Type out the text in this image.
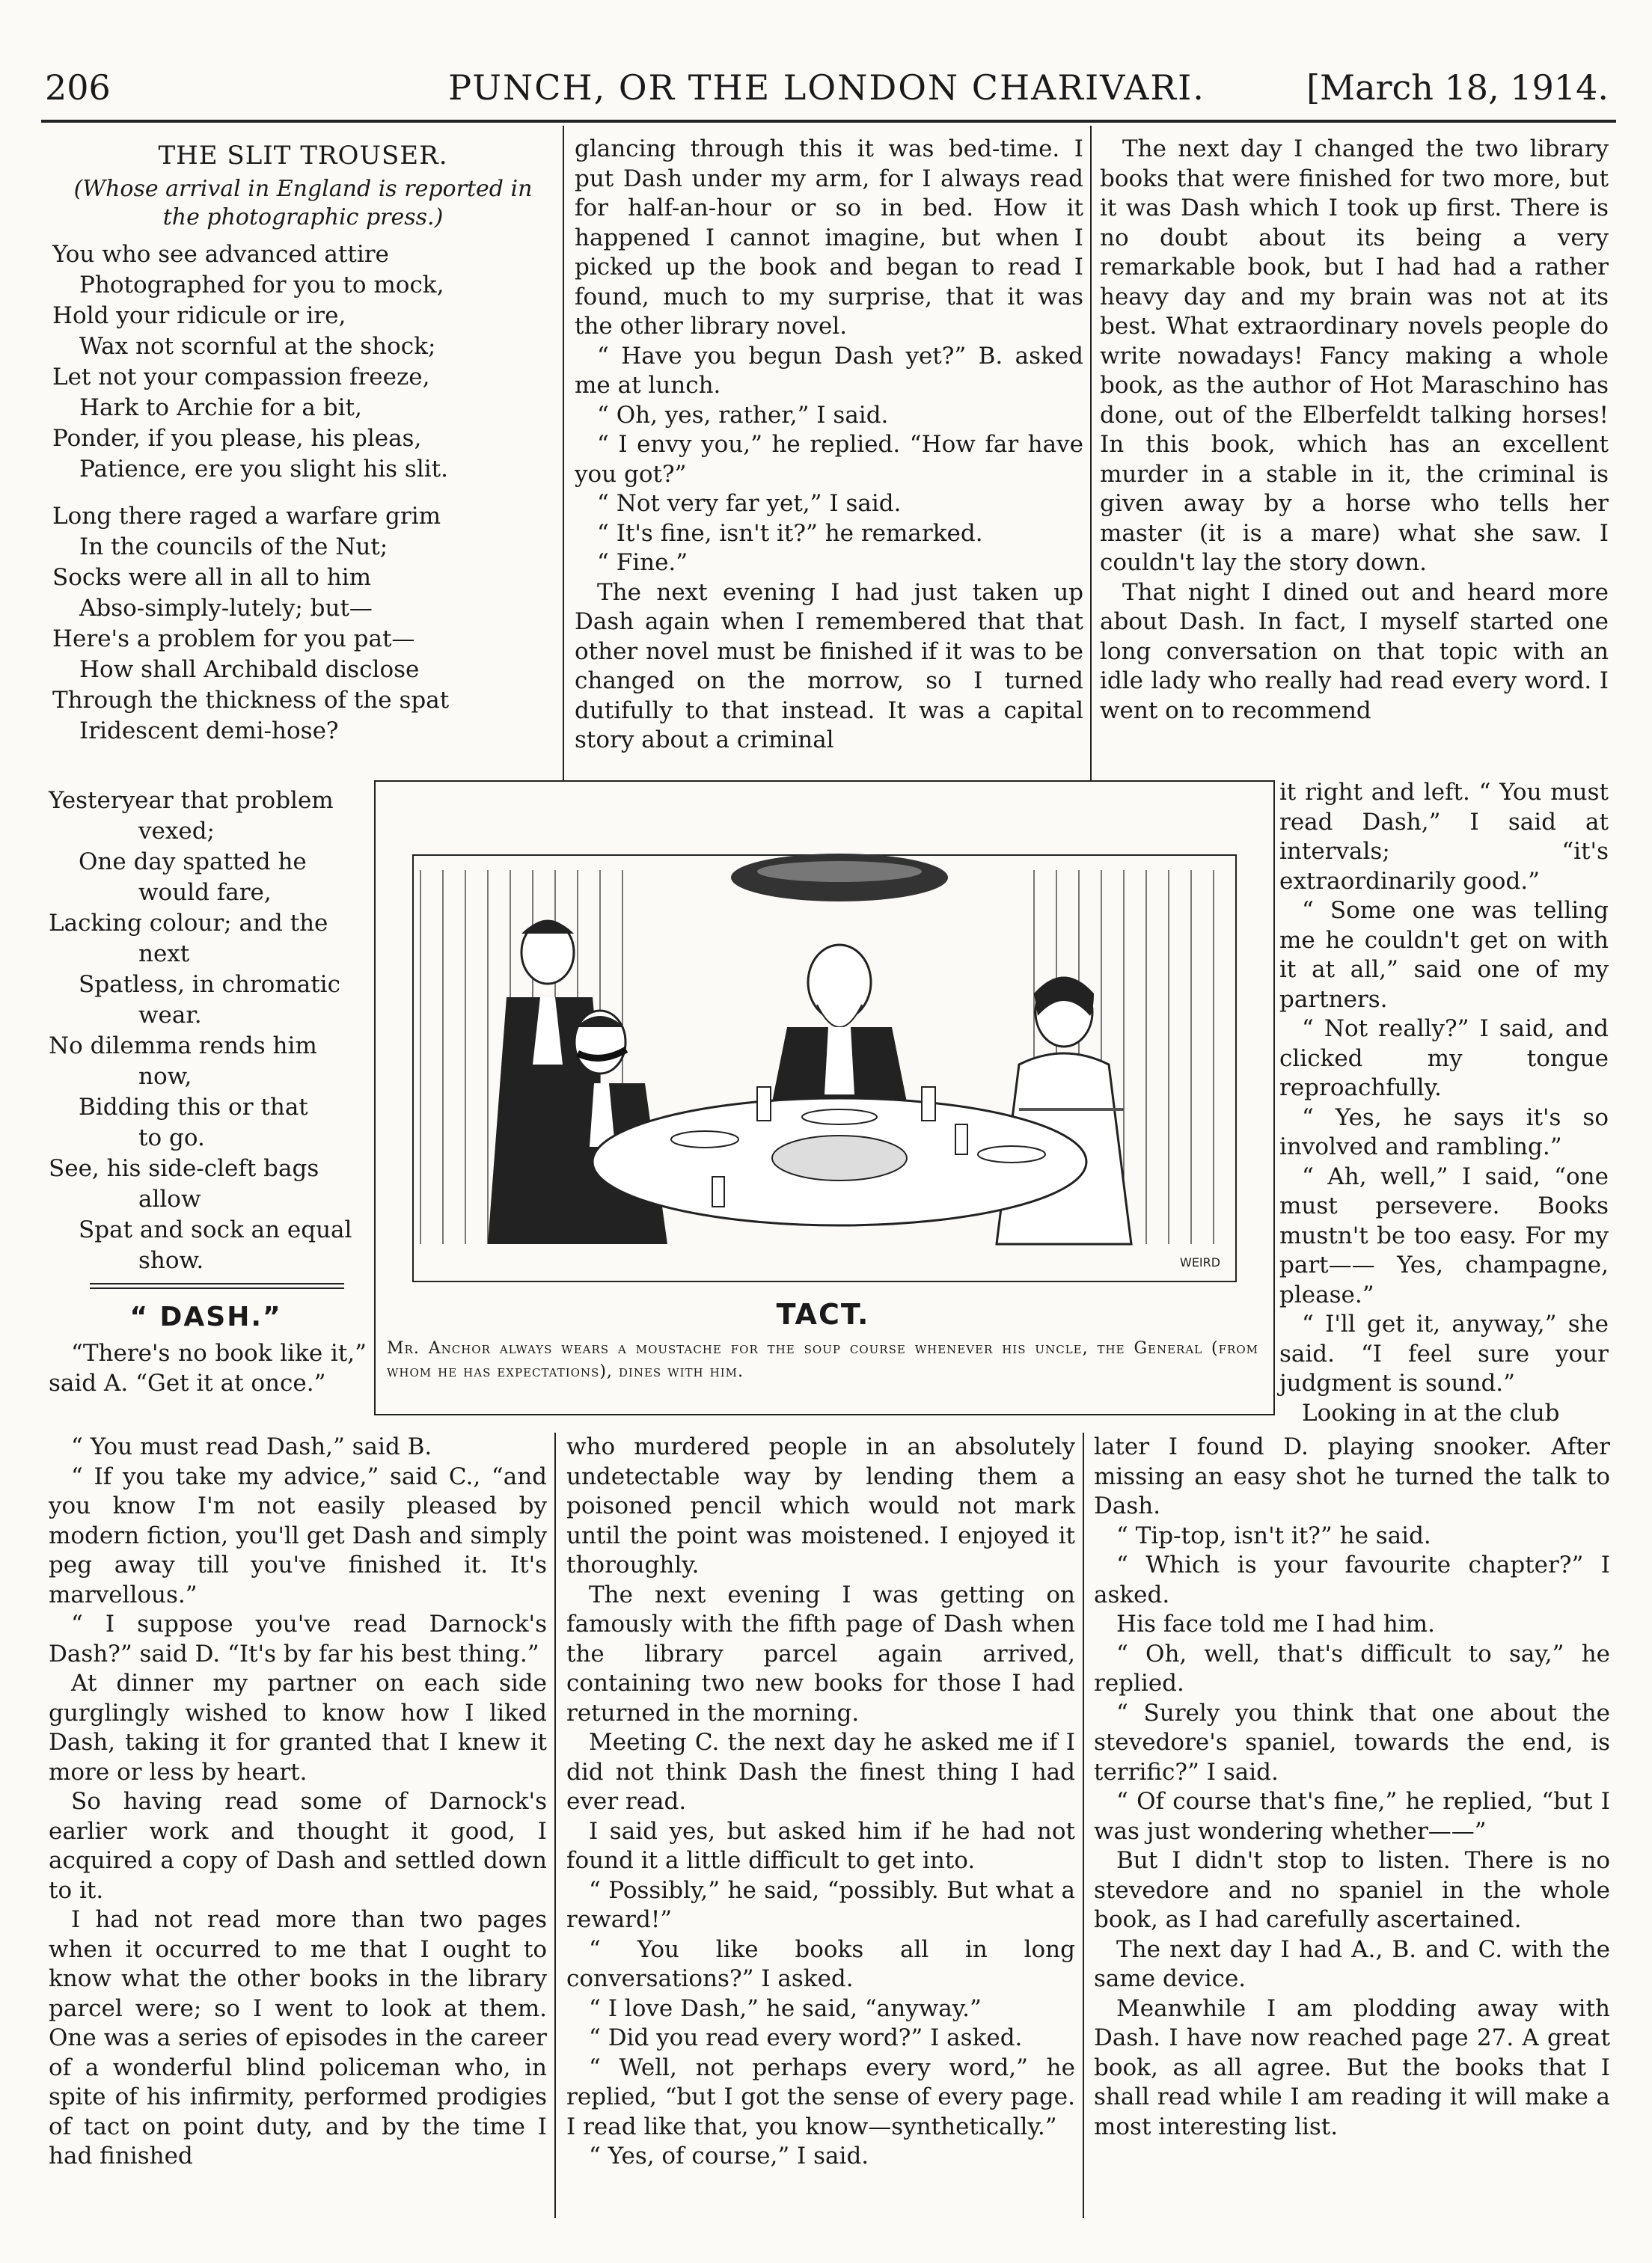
206	PUNCH, OR THE LONDON CHARIVARI.	[March 18, 1914.
THE SLIT TROUSER.
(Whose arrival in England is reported in the photographic press.)
You who see advanced attire
Photographed for you to mock,
Hold your ridicule or ire,
Wax not scornful at the shock;
Let not your compassion freeze,
Hark to Archie for a bit,
Ponder, if you please, his pleas,
Patience, ere you slight his slit.
Long there raged a warfare grim
In the councils of the Nut;
Socks were all in all to him
Abso-simply-lutely; but—
Here's a problem for you pat—
How shall Archibald disclose
Through the thickness of the spat
Iridescent demi-hose?
Yesteryear that problem
vexed;
One day spatted he
would fare,
Lacking colour; and the
next
Spatless, in chromatic
wear.
No dilemma rends him
now,
Bidding this or that
to go.
See, his side-cleft bags
allow
Spat and sock an equal
show.
“ DASH.”

“There's no book like it,” said A. “Get it at once.”

“ You must read Dash,” said B.

“ If you take my advice,” said C., “and you know I'm not easily pleased by modern fiction, you'll get Dash and simply peg away till you've finished it. It's marvellous.”

“ I suppose you've read Darnock's Dash?” said D. “It's by far his best thing.”

At dinner my partner on each side gurglingly wished to know how I liked Dash, taking it for granted that I knew it more or less by heart.

So having read some of Darnock's earlier work and thought it good, I acquired a copy of Dash and settled down to it.

I had not read more than two pages when it occurred to me that I ought to know what the other books in the library parcel were; so I went to look at them. One was a series of episodes in the career of a wonderful blind policeman who, in spite of his infirmity, performed prodigies of tact on point duty, and by the time I had finished

glancing through this it was bed-time. I put Dash under my arm, for I always read for half-an-hour or so in bed. How it happened I cannot imagine, but when I picked up the book and began to read I found, much to my surprise, that it was the other library novel.

“ Have you begun Dash yet?” B. asked me at lunch.

“ Oh, yes, rather,” I said.

“ I envy you,” he replied. “How far have you got?”

“ Not very far yet,” I said.

“ It's fine, isn't it?” he remarked.

“ Fine.”

The next evening I had just taken up Dash again when I remembered that that other novel must be finished if it was to be changed on the morrow, so I turned dutifully to that instead. It was a capital story about a criminal

The next day I changed the two library books that were finished for two more, but it was Dash which I took up first. There is no doubt about its being a very remarkable book, but I had had a rather heavy day and my brain was not at its best. What extraordinary novels people do write nowadays! Fancy making a whole book, as the author of Hot Maraschino has done, out of the Elberfeldt talking horses! In this book, which has an excellent murder in a stable in it, the criminal is given away by a horse who tells her master (it is a mare) what she saw. I couldn't lay the story down.

That night I dined out and heard more about Dash. In fact, I myself started one long conversation on that topic with an idle lady who really had read every word. I went on to recommend

it right and left. “ You must read Dash,” I said at intervals; “it's extraordinarily good.”

“ Some one was telling me he couldn't get on with it at all,” said one of my partners.

“ Not really?” I said, and clicked my tongue reproachfully.

“ Yes, he says it's so involved and rambling.”

“ Ah, well,” I said, “one must persevere. Books mustn't be too easy. For my part—— Yes, champagne, please.”

“ I'll get it, anyway,” she said. “I feel sure your judgment is sound.”

Looking in at the club

who murdered people in an absolutely undetectable way by lending them a poisoned pencil which would not mark until the point was moistened. I enjoyed it thoroughly.

The next evening I was getting on famously with the fifth page of Dash when the library parcel again arrived, containing two new books for those I had returned in the morning.

Meeting C. the next day he asked me if I did not think Dash the finest thing I had ever read.

I said yes, but asked him if he had not found it a little difficult to get into.

“ Possibly,” he said, “possibly. But what a reward!”

“ You like books all in long conversations?” I asked.

“ I love Dash,” he said, “anyway.”

“ Did you read every word?” I asked.

“ Well, not perhaps every word,” he replied, “but I got the sense of every page. I read like that, you know—synthetically.”

“ Yes, of course,” I said.

later I found D. playing snooker. After missing an easy shot he turned the talk to Dash.

“ Tip-top, isn't it?” he said.

“ Which is your favourite chapter?” I asked.

His face told me I had him.

“ Oh, well, that's difficult to say,” he replied.

“ Surely you think that one about the stevedore's spaniel, towards the end, is terrific?” I said.

“ Of course that's fine,” he replied, “but I was just wondering whether——”

But I didn't stop to listen. There is no stevedore and no spaniel in the whole book, as I had carefully ascertained.

The next day I had A., B. and C. with the same device.

Meanwhile I am plodding away with Dash. I have now reached page 27. A great book, as all agree. But the books that I shall read while I am reading it will make a most interesting list.

WEIRD
TACT.
Mr. Anchor always wears a moustache for the soup course whenever his uncle, the General (from whom he has expectations), dines with him.
